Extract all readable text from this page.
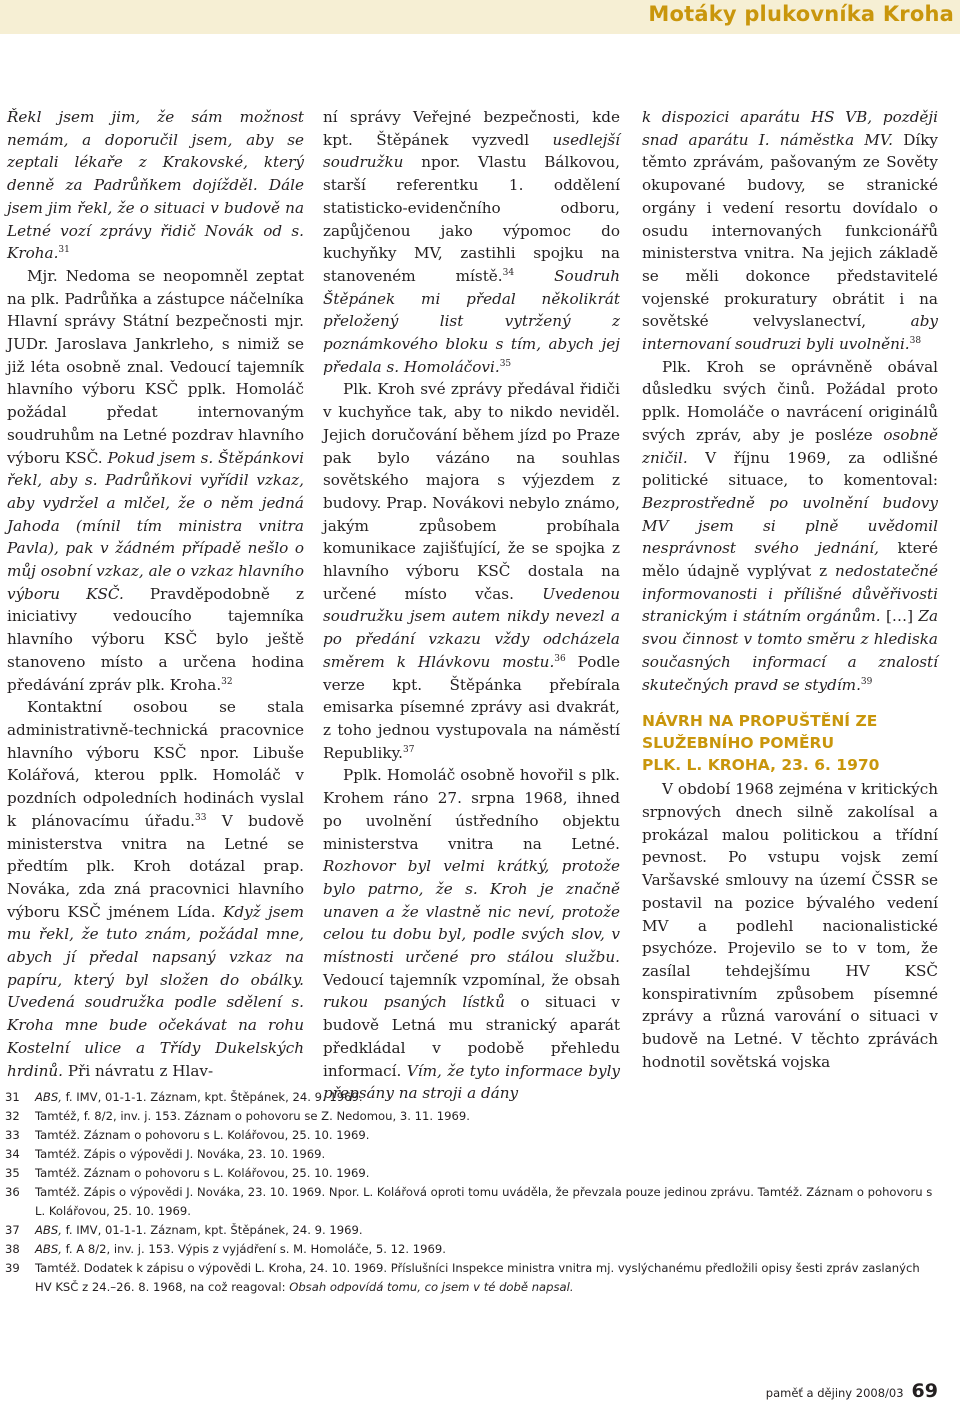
Motáky plukovníka Kroha

Řekl jsem jim, že sám možnost nemám, a doporučil jsem, aby se zeptali lékaře z Krakovské, který denně za Padrůňkem dojížděl. Dále jsem jim řekl, že o situaci v budově na Letné vozí zprávy řidič Novák od s. Kroha.$^{31}$

Mjr. Nedoma se neopomněl zeptat na plk. Padrůňka a zástupce náčelníka Hlavní správy Státní bezpečnosti mjr. JUDr. Jaroslava Jankrleho, s nimiž se již léta osobně znal. Vedoucí tajemník hlavního výboru KSČ pplk. Homoláč požádal předat internovaným soudruhům na Letné pozdrav hlavního výboru KSČ. Pokud jsem s. Štěpánkovi řekl, aby s. Padrůňkovi vyřídil vzkaz, aby vydržel a mlčel, že o něm jedná Jahoda (mínil tím ministra vnitra Pavla), pak v žádném případě nešlo o můj osobní vzkaz, ale o vzkaz hlavního výboru KSČ. Pravděpodobně z iniciativy vedoucího tajemníka hlavního výboru KSČ bylo ještě stanoveno místo a určena hodina předávání zpráv plk. Kroha.$^{32}$

Kontaktní osobou se stala administrativně-technická pracovnice hlavního výboru KSČ npor. Libuše Kolářová, kterou pplk. Homoláč v pozdních odpoledních hodinách vyslal k plánovacímu úřadu.$^{33}$ V budově ministerstva vnitra na Letné se předtím plk. Kroh dotázal prap. Nováka, zda zná pracovnici hlavního výboru KSČ jménem Lída. Když jsem mu řekl, že tuto znám, požádal mne, abych jí předal napsaný vzkaz na papíru, který byl složen do obálky. Uvedená soudružka podle sdělení s. Kroha mne bude očekávat na rohu Kostelní ulice a Třídy Dukelských hrdinů. Při návratu z Hlav-

ní správy Veřejné bezpečnosti, kde kpt. Štěpánek vyzvedl usedlejší soudružku npor. Vlastu Bálkovou, starší referentku 1. oddělení statisticko-evidenčního odboru, zapůjčenou jako výpomoc do kuchyňky MV, zastihli spojku na stanoveném místě.$^{34}$	Soudruh Štěpánek mi předal několikrát přeložený list vytržený z poznámkového bloku s tím, abych jej předala s. Homoláčovi.$^{35}$

Plk. Kroh své zprávy předával řidiči v kuchyňce tak, aby to nikdo neviděl. Jejich doručování během jízd po Praze pak bylo vázáno na souhlas sovětského majora s výjezdem z budovy. Prap. Novákovi nebylo známo, jakým způsobem probíhala komunikace zajišťující, že se spojka z hlavního výboru KSČ dostala na určené místo včas. Uvedenou soudružku jsem autem nikdy nevezl a po předání vzkazu vždy odcházela směrem k Hlávkovu mostu.$^{36}$ Podle verze kpt. Štěpánka přebírala emisarka písemné zprávy asi dvakrát, z toho jednou vystupovala na náměstí Republiky.$^{37}$

Pplk. Homoláč osobně hovořil s plk. Krohem ráno 27. srpna 1968, ihned po uvolnění ústředního objektu ministerstva vnitra na Letné. Rozhovor byl velmi krátký, protože bylo patrno, že s. Kroh je značně unaven a že vlastně nic neví, protože celou tu dobu byl, podle svých slov, v místnosti určené pro stálou službu. Vedoucí tajemník vzpomínal, že obsah rukou psaných lístků o situaci v budově Letná mu stranický aparát předkládal v podobě přehledu informací. Vím, že tyto informace byly přepsány na stroji a dány

k dispozici aparátu HS VB, později snad aparátu I. náměstka MV. Díky těmto zprávám, pašovaným ze Sověty okupované budovy, se stranické orgány i vedení resortu dovídalo o osudu internovaných funkcionářů ministerstva vnitra. Na jejich základě se měli dokonce představitelé vojenské prokuratury obrátit i na sovětské velvyslanectví,	aby internovaní soudruzi byli uvolněni.$^{38}$

Plk. Kroh se oprávněně obával důsledku svých činů. Požádal proto pplk. Homoláče o navrácení originálů svých zpráv, aby je posléze osobně zničil. V říjnu 1969, za odlišné politické situace, to komentoval: Bezprostředně po uvolnění budovy MV jsem si plně uvědomil nesprávnost svého jednání, které mělo údajně vyplývat z nedostatečné informovanosti i přílišné důvěřivosti stranickým i státním orgánům. […] Za svou činnost v tomto směru z hlediska současných informací a znalostí skutečných pravd se stydím.$^{39}$

NÁVRH NA PROPUŠTĚNÍ ZE SLUŽEBNÍHO POMĚRU
PLK. L. KROHA, 23. 6. 1970

V období 1968 zejména v kritických srpnových dnech silně zakolísal a prokázal malou politickou a třídní pevnost. Po vstupu vojsk zemí Varšavské smlouvy na území ČSSR se postavil na pozice bývalého vedení MV a podlehl nacionalistické psychóze. Projevilo se to v tom, že zasílal tehdejšímu HV KSČ konspirativním způsobem písemné zprávy a různá varování o situaci v budově na Letné. V těchto zprávách hodnotil sovětská vojska

31	ABS, f. IMV, 01-1-1. Záznam, kpt. Štěpánek, 24. 9. 1969.
32	Tamtéž, f. 8/2, inv. j. 153. Záznam o pohovoru se Z. Nedomou, 3. 11. 1969.
33	Tamtéž. Záznam o pohovoru s L. Kolářovou, 25. 10. 1969.
34	Tamtéž. Zápis o výpovědi J. Nováka, 23. 10. 1969.
35	Tamtéž. Záznam o pohovoru s L. Kolářovou, 25. 10. 1969.
36	Tamtéž. Zápis o výpovědi J. Nováka, 23. 10. 1969. Npor. L. Kolářová oproti tomu uváděla, že převzala pouze jedinou zprávu. Tamtéž. Záznam o pohovoru s L. Kolářovou, 25. 10. 1969.
37	ABS, f. IMV, 01-1-1. Záznam, kpt. Štěpánek, 24. 9. 1969.
38	ABS, f. A 8/2, inv. j. 153. Výpis z vyjádření s. M. Homoláče, 5. 12. 1969.
39	Tamtéž. Dodatek k zápisu o výpovědi L. Kroha, 24. 10. 1969. Příslušníci Inspekce ministra vnitra mj. vyslýchanému předložili opisy šesti zpráv zaslaných HV KSČ z 24.–26. 8. 1968, na což reagoval: Obsah odpovídá tomu, co jsem v té době napsal.
paměť a dějiny 2008/03 69
